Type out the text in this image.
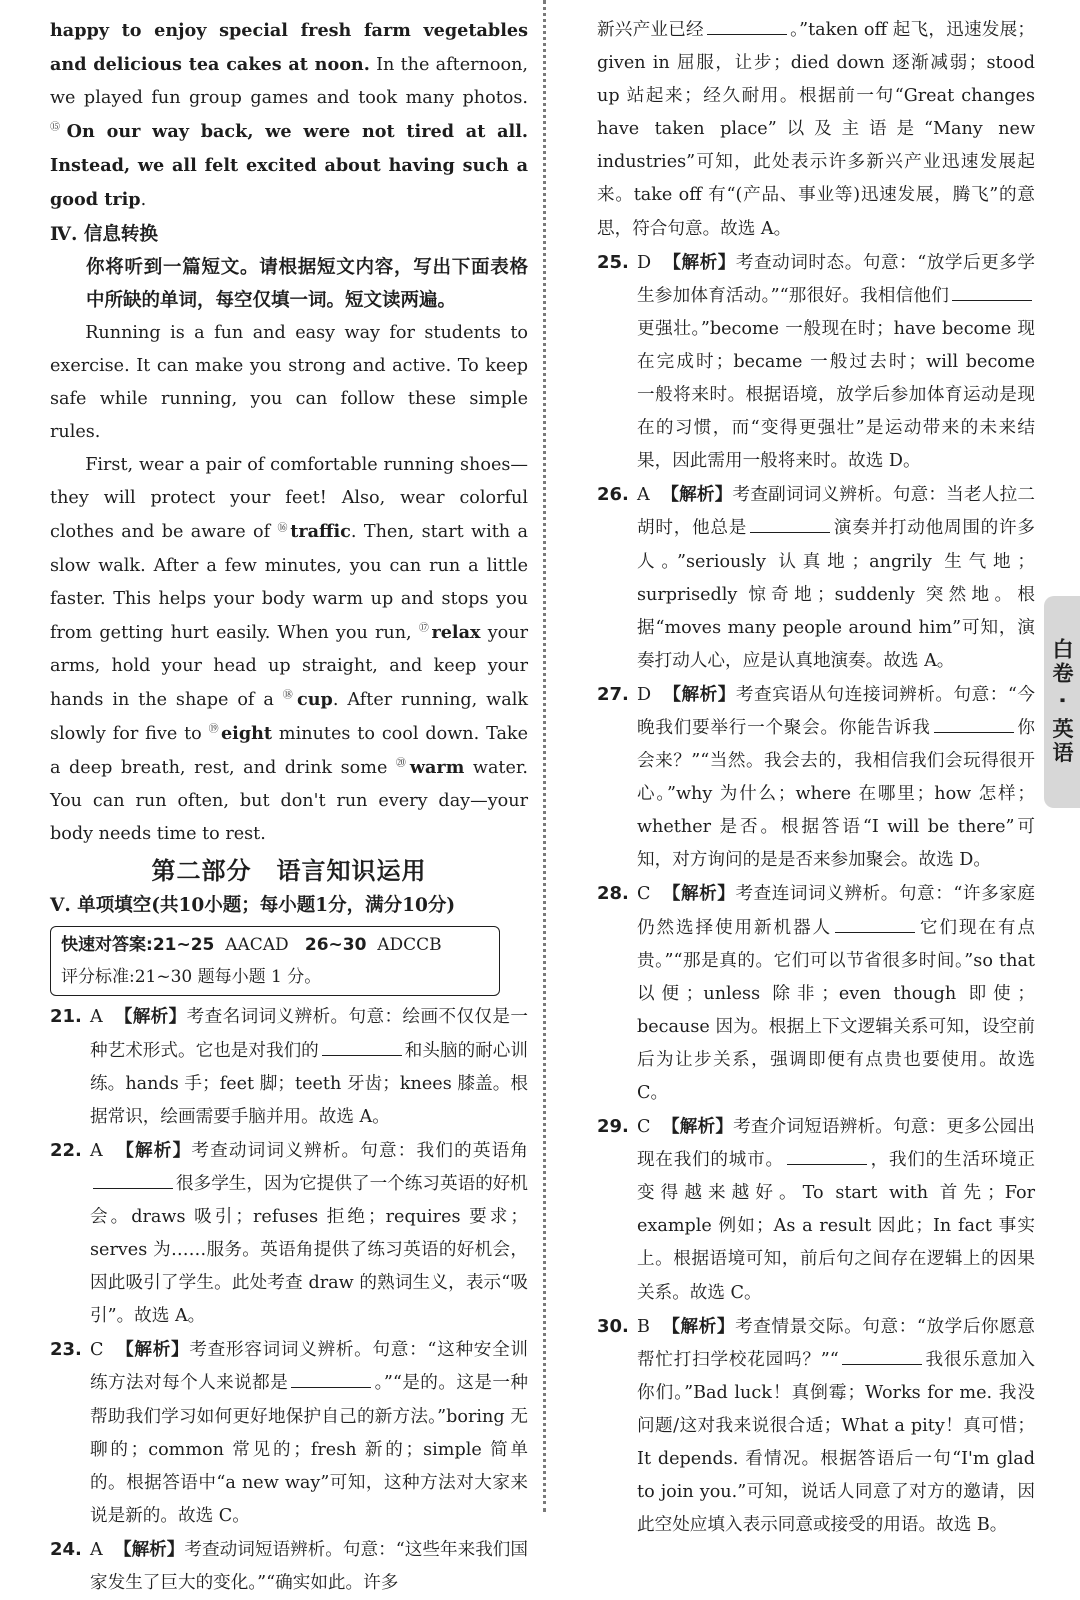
happy to enjoy special fresh farm vegetables and delicious tea cakes at noon. In the afternoon, we played fun group games and took many photos. ⑮On our way back, we were not tired at all. Instead, we all felt excited about having such a good trip.

Ⅳ. 信息转换

你将听到一篇短文。请根据短文内容，写出下面表格中所缺的单词，每空仅填一词。短文读两遍。

Running is a fun and easy way for students to exercise. It can make you strong and active. To keep safe while running, you can follow these simple rules.

First, wear a pair of comfortable running shoes—they will protect your feet! Also, wear colorful clothes and be aware of ⑯traffic. Then, start with a slow walk. After a few minutes, you can run a little faster. This helps your body warm up and stops you from getting hurt easily. When you run, ⑰relax your arms, hold your head up straight, and keep your hands in the shape of a ⑱cup. After running, walk slowly for five to ⑲eight minutes to cool down. Take a deep breath, rest, and drink some ⑳warm water. You can run often, but don't run every day—your body needs time to rest.

第二部分　语言知识运用

Ⅴ. 单项填空(共10小题；每小题1分，满分10分)

快速对答案:21~25 AACAD 26~30 ADCCB
评分标准:21~30 题每小题 1 分。

21. A 【解析】考查名词词义辨析。句意：绘画不仅仅是一种艺术形式。它也是对我们的	和头脑的耐心训练。hands 手；feet 脚；teeth 牙齿；knees 膝盖。根据常识，绘画需要手脑并用。故选 A。

22. A 【解析】考查动词词义辨析。句意：我们的英语角很多学生，因为它提供了一个练习英语的好机会。draws 吸引；refuses 拒绝；requires 要求；serves 为……服务。英语角提供了练习英语的好机会，因此吸引了学生。此处考查 draw 的熟词生义，表示“吸引”。故选 A。

23. C 【解析】考查形容词词义辨析。句意：“这种安全训练方法对每个人来说都是	。”“是的。这是一种帮助我们学习如何更好地保护自己的新方法。”boring 无聊的；common 常见的；fresh 新的；simple 简单的。根据答语中“a new way”可知，这种方法对大家来说是新的。故选 C。

24. A 【解析】考查动词短语辨析。句意：“这些年来我们国家发生了巨大的变化。”“确实如此。许多

新兴产业已经	。”taken off 起飞，迅速发展；given in 屈服，让步；died down 逐渐减弱；stood up 站起来；经久耐用。根据前一句“Great changes have taken place”以及主语是“Many new industries”可知，此处表示许多新兴产业迅速发展起来。take off 有“(产品、事业等)迅速发展，腾飞”的意思，符合句意。故选 A。

25. D 【解析】考查动词时态。句意：“放学后更多学生参加体育活动。”“那很好。我相信他们更强壮。”become 一般现在时；have become 现在完成时；became 一般过去时；will become 一般将来时。根据语境，放学后参加体育运动是现在的习惯，而“变得更强壮”是运动带来的未来结果，因此需用一般将来时。故选 D。

26. A 【解析】考查副词词义辨析。句意：当老人拉二胡时，他总是	演奏并打动他周围的许多人。”seriously 认真地；angrily 生气地；surprisedly 惊奇地；suddenly 突然地。根据“moves many people around him”可知，演奏打动人心，应是认真地演奏。故选 A。

27. D 【解析】考查宾语从句连接词辨析。句意：“今晚我们要举行一个聚会。你能告诉我	你会来？”“当然。我会去的，我相信我们会玩得很开心。”why 为什么；where 在哪里；how 怎样；whether 是否。根据答语“I will be there”可知，对方询问的是是否来参加聚会。故选 D。

28. C 【解析】考查连词词义辨析。句意：“许多家庭仍然选择使用新机器人	它们现在有点贵。”“那是真的。它们可以节省很多时间。”so that 以便；unless 除非；even though 即使；because 因为。根据上下文逻辑关系可知，设空前后为让步关系，强调即便有点贵也要使用。故选 C。

29. C 【解析】考查介词短语辨析。句意：更多公园出现在我们的城市。	，我们的生活环境正变得越来越好。To start with 首先；For example 例如；As a result 因此；In fact 事实上。根据语境可知，前后句之间存在逻辑上的因果关系。故选 C。

30. B 【解析】考查情景交际。句意：“放学后你愿意帮忙打扫学校花园吗？”“	我很乐意加入你们。”Bad luck！真倒霉；Works for me. 我没问题/这对我来说很合适；What a pity！真可惜；It depends. 看情况。根据答语后一句“I'm glad to join you.”可知，说话人同意了对方的邀请，因此空处应填入表示同意或接受的用语。故选 B。

白卷 · 英语
